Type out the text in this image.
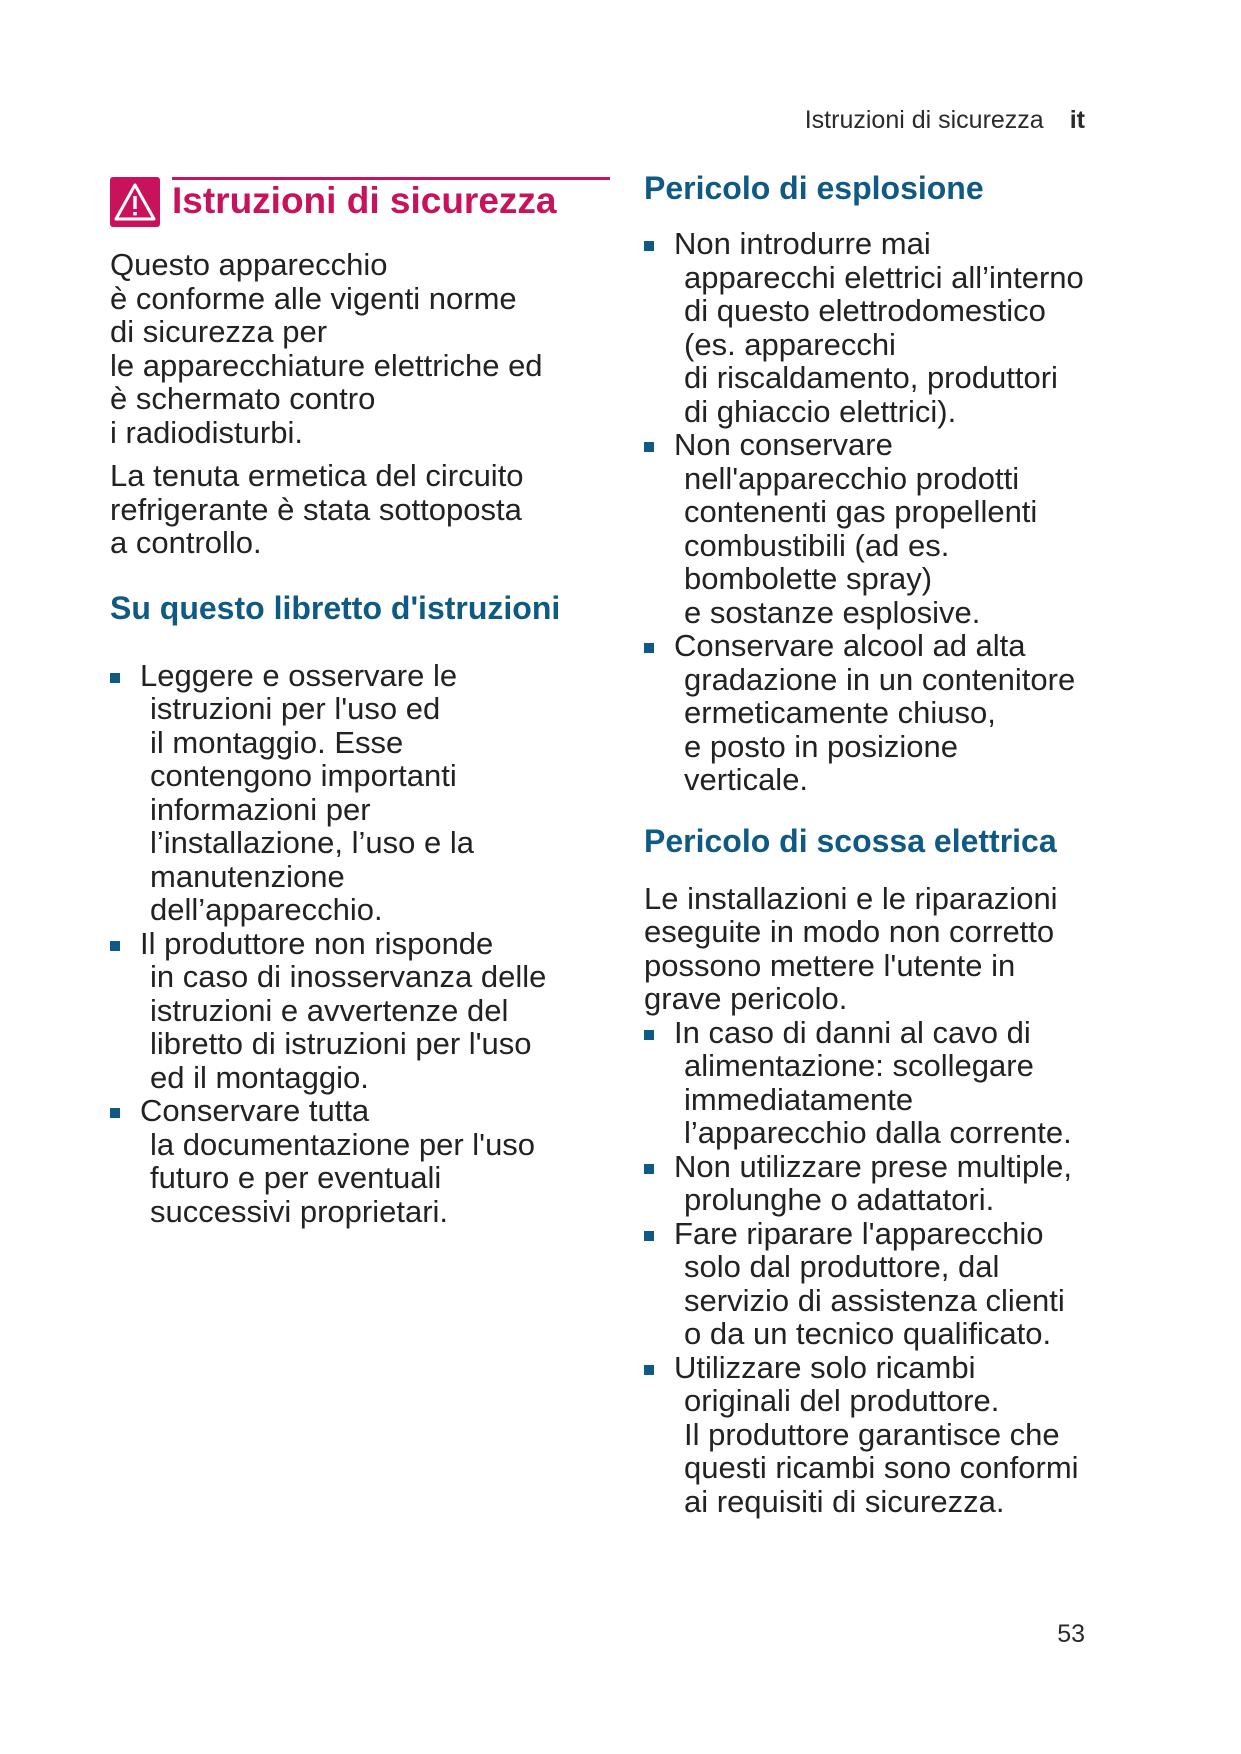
Istruzioni di sicurezza it
Istruzioni di sicurezza

Questo apparecchio
è conforme alle vigenti norme
di sicurezza per
le apparecchiature elettriche ed
è schermato contro
i radiodisturbi.

La tenuta ermetica del circuito
refrigerante è stata sottoposta
a controllo.

Su questo libretto d'istruzioni
Leggere e osservare le
istruzioni per l'uso ed
il montaggio. Esse
contengono importanti
informazioni per
l’installazione, l’uso e la
manutenzione
dell’apparecchio.
Il produttore non risponde
in caso di inosservanza delle
istruzioni e avvertenze del
libretto di istruzioni per l'uso
ed il montaggio.
Conservare tutta
la documentazione per l'uso
futuro e per eventuali
successivi proprietari.
Pericolo di esplosione
Non introdurre mai
apparecchi elettrici all’interno
di questo elettrodomestico
(es. apparecchi
di riscaldamento, produttori
di ghiaccio elettrici).
Non conservare
nell'apparecchio prodotti
contenenti gas propellenti
combustibili (ad es.
bombolette spray)
e sostanze esplosive.
Conservare alcool ad alta
gradazione in un contenitore
ermeticamente chiuso,
e posto in posizione
verticale.
Pericolo di scossa elettrica

Le installazioni e le riparazioni
eseguite in modo non corretto
possono mettere l'utente in
grave pericolo.

In caso di danni al cavo di
alimentazione: scollegare
immediatamente
l’apparecchio dalla corrente.
Non utilizzare prese multiple,
prolunghe o adattatori.
Fare riparare l'apparecchio
solo dal produttore, dal
servizio di assistenza clienti
o da un tecnico qualificato.
Utilizzare solo ricambi
originali del produttore.
Il produttore garantisce che
questi ricambi sono conformi
ai requisiti di sicurezza.
53
